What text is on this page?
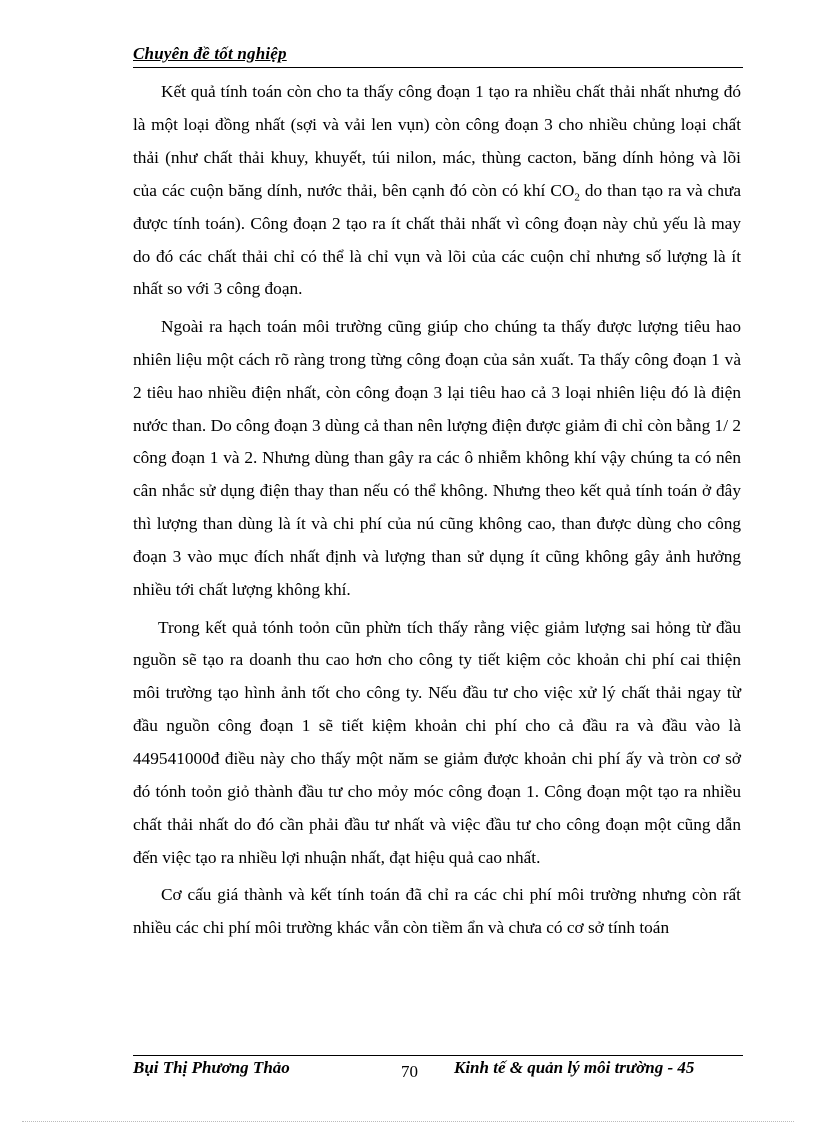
Chuyên đề tốt nghiệp

Kết quả tính toán còn cho ta thấy công đoạn 1 tạo ra nhiều chất thải nhất nhưng đó là một loại đồng nhất (sợi và vải len vụn) còn công đoạn 3 cho nhiều chủng loại chất thải (như chất thải khuy, khuyết, túi nilon, mác, thùng cacton, băng dính hỏng và lõi của các cuộn băng dính, nước thải, bên cạnh đó còn có khí $CO_2$ do than tạo ra và chưa được tính toán). Công đoạn 2 tạo ra ít chất thải nhất vì công đoạn này chủ yếu là may do đó các chất thải chỉ có thể là chỉ vụn và lõi của các cuộn chỉ nhưng số lượng là ít nhất so với 3 công đoạn.

Ngoài ra hạch toán môi trường cũng giúp cho chúng ta thấy được lượng tiêu hao nhiên liệu một cách rõ ràng trong từng công đoạn của sản xuất. Ta thấy công đoạn 1 và 2 tiêu hao nhiều điện nhất, còn công đoạn 3 lại tiêu hao cả 3 loại nhiên liệu đó là điện nước than. Do công đoạn 3 dùng cả than nên lượng điện được giảm đi chỉ còn bằng 1/ 2 công đoạn 1 và 2. Nhưng dùng than gây ra các ô nhiễm không khí vậy chúng ta có nên cân nhắc sử dụng điện thay than nếu có thể không. Nhưng theo kết quả tính toán ở đây thì lượng than dùng là ít và chi phí của nú cũng không cao, than được dùng cho công đoạn 3 vào mục đích nhất định và lượng than sử dụng ít cũng không gây ảnh hưởng nhiều tới chất lượng không khí.

Trong kết quả tónh toỏn cũn phừn tích thấy rằng việc giảm lượng sai hỏng từ đầu nguồn sẽ tạo ra doanh thu cao hơn cho công ty tiết kiệm cỏc khoản chi phí cai thiện môi trường tạo hình ảnh tốt cho công ty. Nếu đầu tư cho việc xử lý chất thải ngay từ đầu nguồn công đoạn 1 sẽ tiết kiệm khoản chi phí cho cả đầu ra và đầu vào là 449541000đ điều này cho thấy một năm se giảm được khoản chi phí ấy và tròn cơ sở đó tónh toỏn giỏ thành đầu tư cho mỏy móc công đoạn 1. Công đoạn một tạo ra nhiều chất thải nhất do đó cần phải đầu tư nhất và việc đầu tư cho công đoạn một cũng dẫn đến việc tạo ra nhiều lợi nhuận nhất, đạt hiệu quả cao nhất.

Cơ cấu giá thành và kết tính toán đã chỉ ra các chi phí môi trường nhưng còn rất nhiều các chi phí môi trường khác vẫn còn tiềm ẩn và chưa có cơ sở tính toán

Bụi Thị Phương Thảo	70 Kinh tế & quản lý môi trường - 45
